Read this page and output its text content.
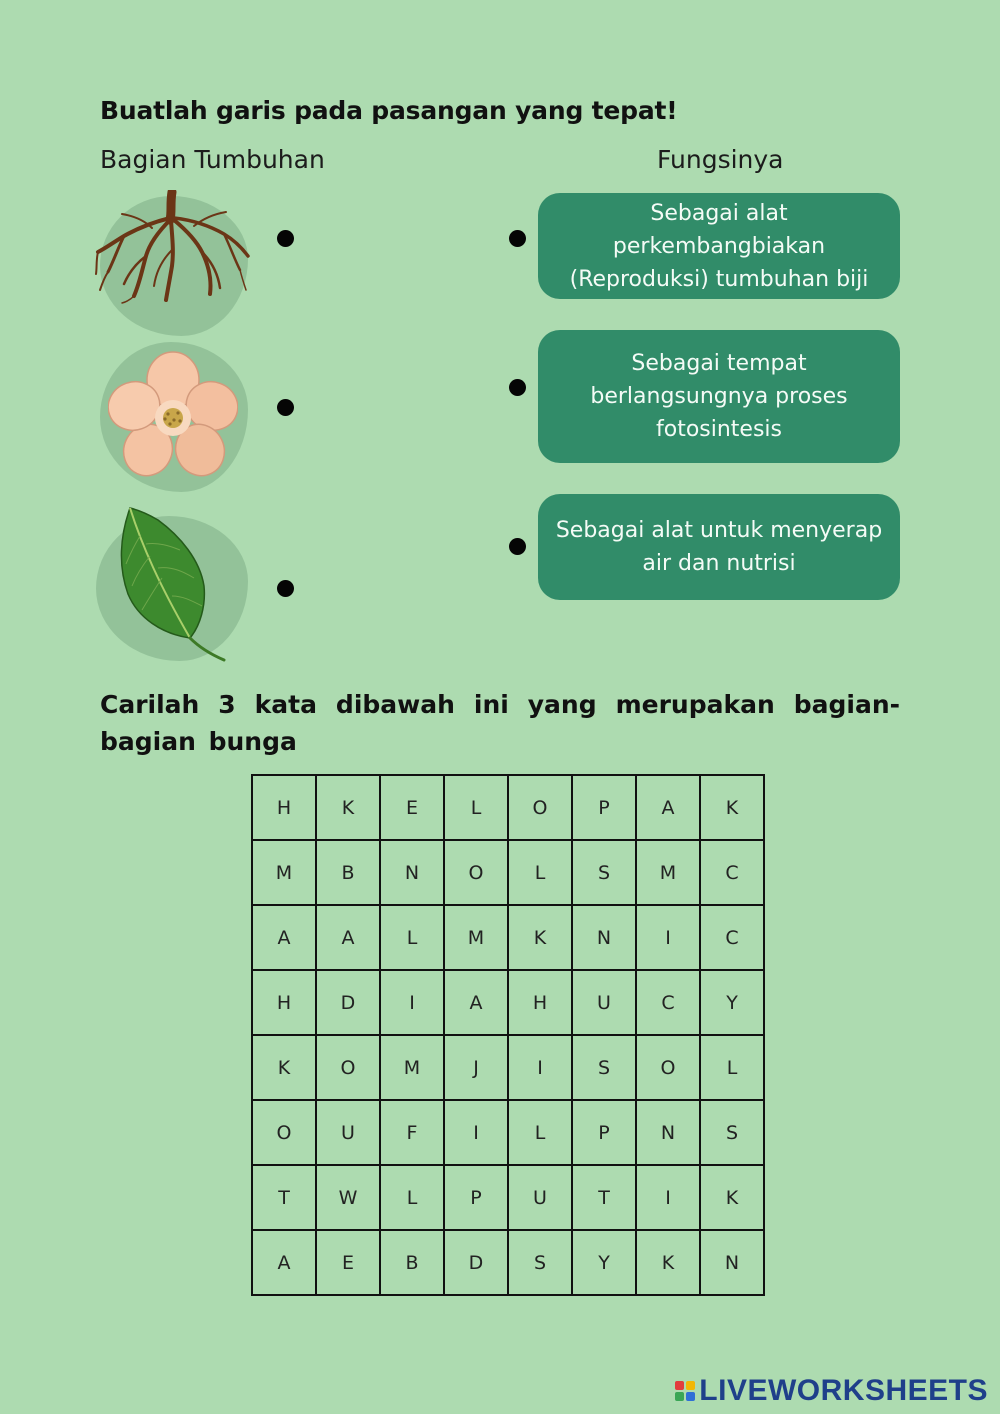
Buatlah garis pada pasangan yang tepat!
Bagian Tumbuhan	Fungsinya
Sebagai alat perkembangbiakan (Reproduksi) tumbuhan biji
Sebagai tempat berlangsungnya proses fotosintesis
Sebagai alat untuk menyerap air dan nutrisi
Carilah 3 kata dibawah ini yang merupakan bagian-bagian bunga
H	K	E	L	O	P	A	K
M	B	N	O	L	S	M	C
A	A	L	M	K	N	I	C
H	D	I	A	H	U	C	Y
K	O	M	J	I	S	O	L
O	U	F	I	L	P	N	S
T	W	L	P	U	T	I	K
A	E	B	D	S	Y	K	N
LIVEWORKSHEETS
